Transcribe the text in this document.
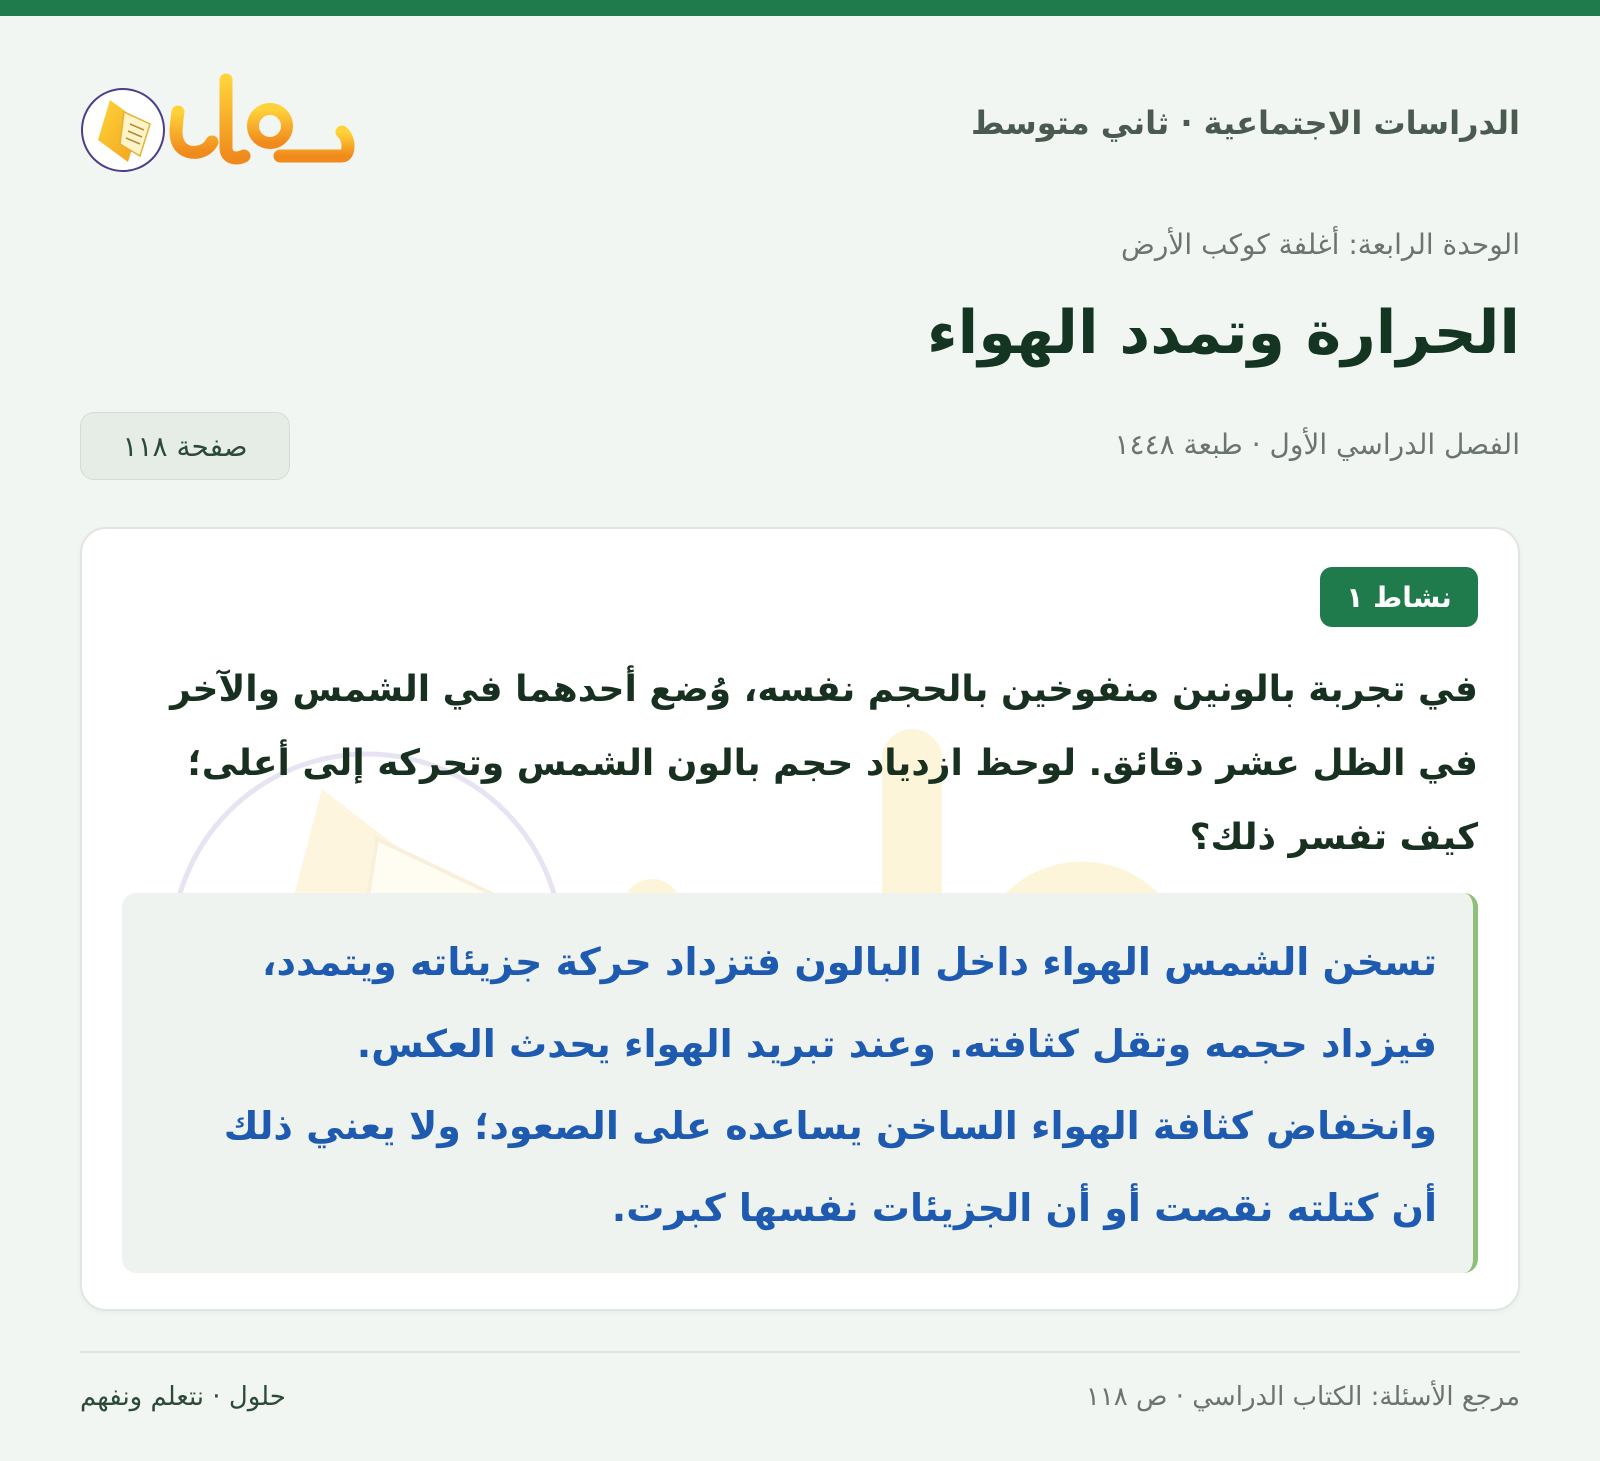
الدراسات الاجتماعية · ثاني متوسط
الوحدة الرابعة: أغلفة كوكب الأرض
الحرارة وتمدد الهواء
الفصل الدراسي الأول · طبعة ١٤٤٨
صفحة ١١٨
نشاط ١

في تجربة بالونين منفوخين بالحجم نفسه، وُضع أحدهما في الشمس والآخر في الظل عشر دقائق. لوحظ ازدياد حجم بالون الشمس وتحركه إلى أعلى؛ كيف تفسر ذلك؟

تسخن الشمس الهواء داخل البالون فتزداد حركة جزيئاته ويتمدد، فيزداد حجمه وتقل كثافته. وعند تبريد الهواء يحدث العكس. وانخفاض كثافة الهواء الساخن يساعده على الصعود؛ ولا يعني ذلك أن كتلته نقصت أو أن الجزيئات نفسها كبرت.

مرجع الأسئلة: الكتاب الدراسي · ص ١١٨
حلول · نتعلم ونفهم
